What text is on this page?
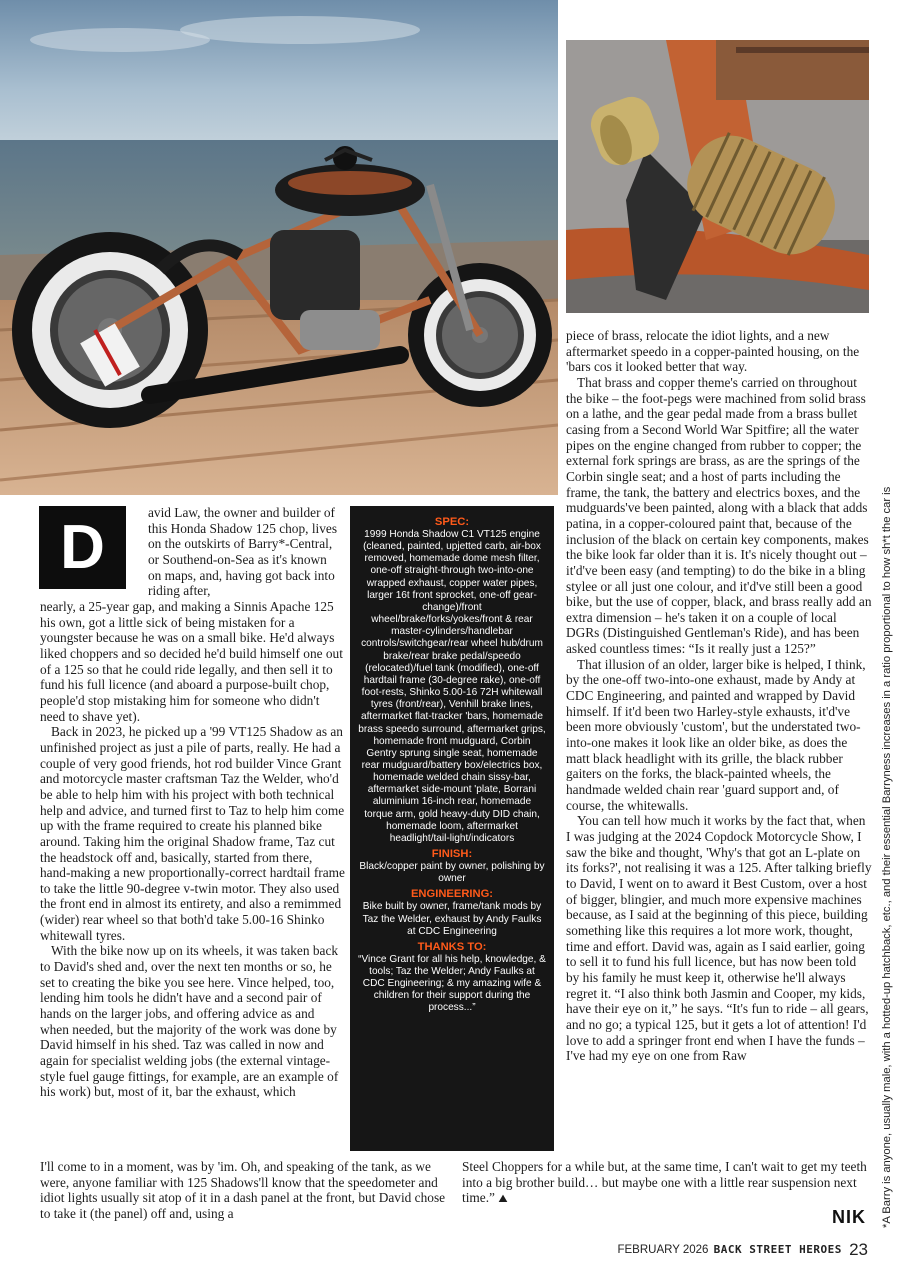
D

avid Law, the owner and builder of this Honda Shadow 125 chop, lives on the outskirts of Barry*-Central, or Southend-on-Sea as it's known on maps, and, having got back into riding after,

nearly, a 25-year gap, and making a Sinnis Apache 125 his own, got a little sick of being mistaken for a youngster because he was on a small bike. He'd always liked choppers and so decided he'd build himself one out of a 125 so that he could ride legally, and then sell it to fund his full licence (and aboard a purpose-built chop, people'd stop mistaking him for someone who didn't need to shave yet).

Back in 2023, he picked up a '99 VT125 Shadow as an unfinished project as just a pile of parts, really. He had a couple of very good friends, hot rod builder Vince Grant and motorcycle master craftsman Taz the Welder, who'd be able to help him with his project with both technical help and advice, and turned first to Taz to help him come up with the frame required to create his planned bike around. Taking him the original Shadow frame, Taz cut the headstock off and, basically, started from there, hand-making a new proportionally-correct hardtail frame to take the little 90-degree v-twin motor. They also used the front end in almost its entirety, and also a remimmed (wider) rear wheel so that both'd take 5.00-16 Shinko whitewall tyres.

With the bike now up on its wheels, it was taken back to David's shed and, over the next ten months or so, he set to creating the bike you see here. Vince helped, too, lending him tools he didn't have and a second pair of hands on the larger jobs, and offering advice as and when needed, but the majority of the work was done by David himself in his shed. Taz was called in now and again for specialist welding jobs (the external vintage-style fuel gauge fittings, for example, are an example of his work) but, most of it, bar the exhaust, which

I'll come to in a moment, was by 'im. Oh, and speaking of the tank, as we were, anyone familiar with 125 Shadows'll know that the speedometer and idiot lights usually sit atop of it in a dash panel at the front, but David chose to take it (the panel) off and, using a

SPEC:
1999 Honda Shadow C1 VT125 engine (cleaned, painted, upjetted carb, air-box removed, homemade dome mesh filter, one-off straight-through two-into-one wrapped exhaust, copper water pipes, larger 16t front sprocket, one-off gear-change)/front wheel/brake/forks/yokes/front & rear master-cylinders/handlebar controls/switchgear/rear wheel hub/drum brake/rear brake pedal/speedo (relocated)/fuel tank (modified), one-off hardtail frame (30-degree rake), one-off foot-rests, Shinko 5.00-16 72H whitewall tyres (front/rear), Venhill brake lines, aftermarket flat-tracker 'bars, homemade brass speedo surround, aftermarket grips, homemade front mudguard, Corbin Gentry sprung single seat, homemade rear mudguard/battery box/electrics box, homemade welded chain sissy-bar, aftermarket side-mount 'plate, Borrani aluminium 16-inch rear, homemade torque arm, gold heavy-duty DID chain, homemade loom, aftermarket headlight/tail-light/indicators
FINISH:
Black/copper paint by owner, polishing by owner
ENGINEERING:
Bike built by owner, frame/tank mods by Taz the Welder, exhaust by Andy Faulks at CDC Engineering
THANKS TO:
“Vince Grant for all his help, knowledge, & tools; Taz the Welder; Andy Faulks at CDC Engineering; & my amazing wife & children for their support during the process...”

piece of brass, relocate the idiot lights, and a new aftermarket speedo in a copper-painted housing, on the 'bars cos it looked better that way.

That brass and copper theme's carried on throughout the bike – the foot-pegs were machined from solid brass on a lathe, and the gear pedal made from a brass bullet casing from a Second World War Spitfire; all the water pipes on the engine changed from rubber to copper; the external fork springs are brass, as are the springs of the Corbin single seat; and a host of parts including the frame, the tank, the battery and electrics boxes, and the mudguards've been painted, along with a black that adds patina, in a copper-coloured paint that, because of the inclusion of the black on certain key components, makes the bike look far older than it is. It's nicely thought out – it'd've been easy (and tempting) to do the bike in a bling stylee or all just one colour, and it'd've still been a good bike, but the use of copper, black, and brass really add an extra dimension – he's taken it on a couple of local DGRs (Distinguished Gentleman's Ride), and has been asked countless times: “Is it really just a 125?”

That illusion of an older, larger bike is helped, I think, by the one-off two-into-one exhaust, made by Andy at CDC Engineering, and painted and wrapped by David himself. If it'd been two Harley-style exhausts, it'd've been more obviously 'custom', but the understated two-into-one makes it look like an older bike, as does the matt black headlight with its grille, the black rubber gaiters on the forks, the black-painted wheels, the handmade welded chain rear 'guard support and, of course, the whitewalls.

You can tell how much it works by the fact that, when I was judging at the 2024 Copdock Motorcycle Show, I saw the bike and thought, 'Why's that got an L-plate on its forks?', not realising it was a 125. After talking briefly to David, I went on to award it Best Custom, over a host of bigger, blingier, and much more expensive machines because, as I said at the beginning of this piece, building something like this requires a lot more work, thought, time and effort. David was, again as I said earlier, going to sell it to fund his full licence, but has now been told by his family he must keep it, otherwise he'll always regret it. “I also think both Jasmin and Cooper, my kids, have their eye on it,” he says. “It's fun to ride – all gears, and no go; a typical 125, but it gets a lot of attention! I'd love to add a springer front end when I have the funds – I've had my eye on one from Raw

Steel Choppers for a while but, at the same time, I can't wait to get my teeth into a big brother build… but maybe one with a little rear suspension next time.” ⛰

NIK *A Barry is anyone, usually male, with a hotted-up hatchback, etc., and their essential Barryness increases in a ratio proportional to how sh*t the car is
FEBRUARY 2026 BACK STREET HEROES 23
